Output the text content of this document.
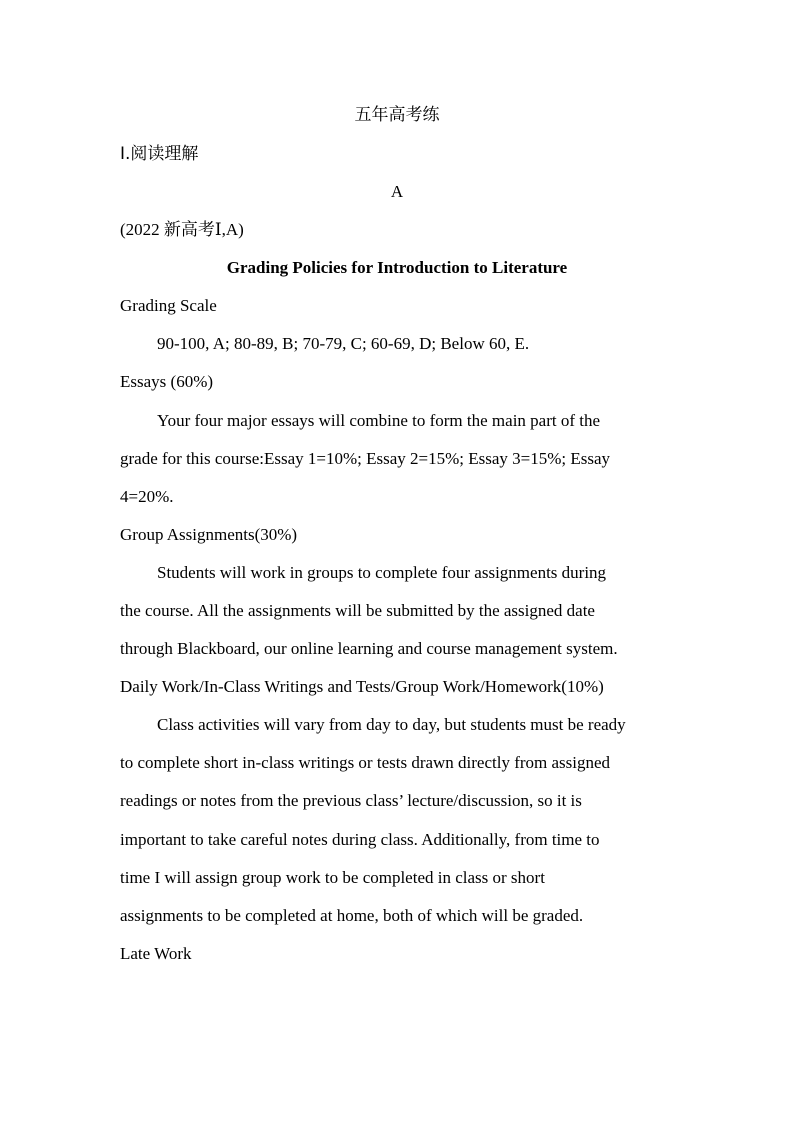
五年高考练
Ⅰ.阅读理解
A
(2022 新高考Ⅰ,A)
Grading Policies for Introduction to Literature
Grading Scale
90-100, A; 80-89, B; 70-79, C; 60-69, D; Below 60, E.
Essays (60%)
Your four major essays will combine to form the main part of the
grade for this course:Essay 1=10%; Essay 2=15%; Essay 3=15%; Essay
4=20%.
Group Assignments(30%)
Students will work in groups to complete four assignments during
the course. All the assignments will be submitted by the assigned date
through Blackboard, our online learning and course management system.
Daily Work/In-Class Writings and Tests/Group Work/Homework(10%)
Class activities will vary from day to day, but students must be ready
to complete short in-class writings or tests drawn directly from assigned
readings or notes from the previous class’ lecture/discussion, so it is
important to take careful notes during class. Additionally, from time to
time I will assign group work to be completed in class or short
assignments to be completed at home, both of which will be graded.
Late Work
